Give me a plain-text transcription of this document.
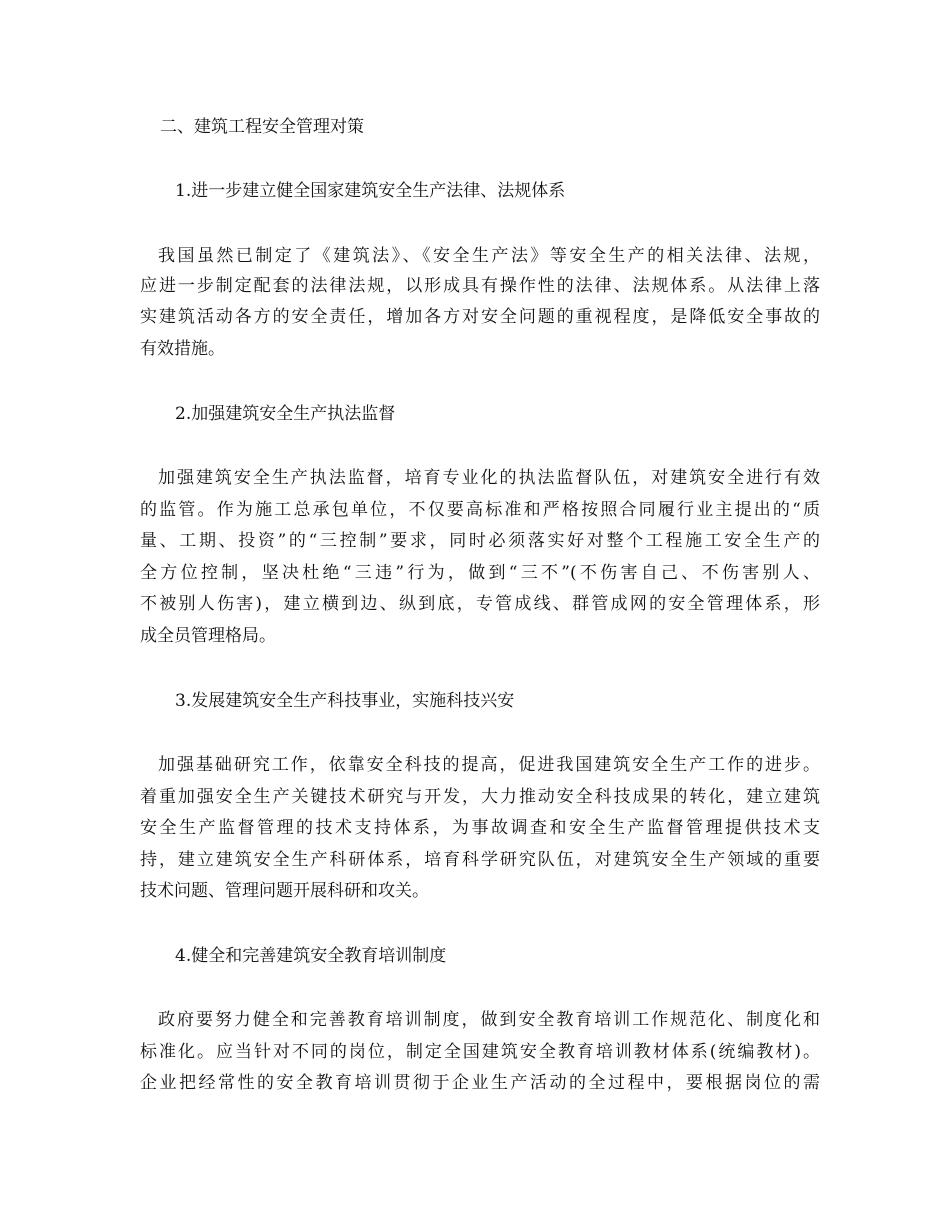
二、建筑工程安全管理对策
1.进一步建立健全国家建筑安全生产法律、法规体系
我国虽然已制定了《建筑法》、《安全生产法》等安全生产的相关法律、法规，
应进一步制定配套的法律法规，以形成具有操作性的法律、法规体系。从法律上落
实建筑活动各方的安全责任，增加各方对安全问题的重视程度，是降低安全事故的
有效措施。
2.加强建筑安全生产执法监督
加强建筑安全生产执法监督，培育专业化的执法监督队伍，对建筑安全进行有效
的监管。作为施工总承包单位，不仅要高标准和严格按照合同履行业主提出的“质
量、工期、投资”的“三控制”要求，同时必须落实好对整个工程施工安全生产的
全方位控制，坚决杜绝“三违”行为，做到“三不”(不伤害自己、不伤害别人、
不被别人伤害)，建立横到边、纵到底，专管成线、群管成网的安全管理体系，形
成全员管理格局。
3.发展建筑安全生产科技事业，实施科技兴安
加强基础研究工作，依靠安全科技的提高，促进我国建筑安全生产工作的进步。
着重加强安全生产关键技术研究与开发，大力推动安全科技成果的转化，建立建筑
安全生产监督管理的技术支持体系，为事故调查和安全生产监督管理提供技术支
持，建立建筑安全生产科研体系，培育科学研究队伍，对建筑安全生产领域的重要
技术问题、管理问题开展科研和攻关。
4.健全和完善建筑安全教育培训制度
政府要努力健全和完善教育培训制度，做到安全教育培训工作规范化、制度化和
标准化。应当针对不同的岗位，制定全国建筑安全教育培训教材体系(统编教材)。
企业把经常性的安全教育培训贯彻于企业生产活动的全过程中，要根据岗位的需
